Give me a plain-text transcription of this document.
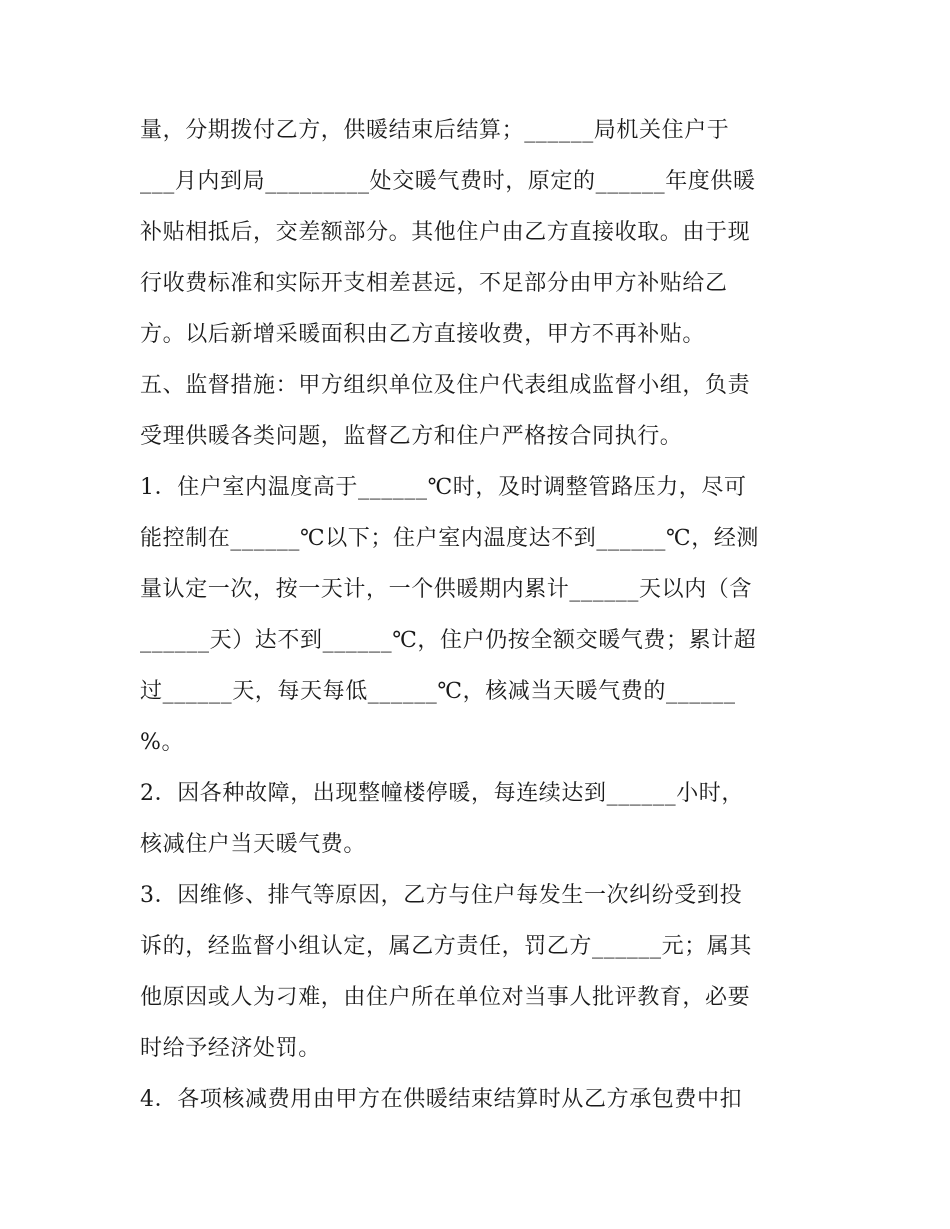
量，分期拨付乙方，供暖结束后结算；______局机关住户于
___月内到局_________处交暖气费时，原定的______年度供暖
补贴相抵后，交差额部分。其他住户由乙方直接收取。由于现
行收费标准和实际开支相差甚远，不足部分由甲方补贴给乙
方。以后新增采暖面积由乙方直接收费，甲方不再补贴。
五、监督措施：甲方组织单位及住户代表组成监督小组，负责
受理供暖各类问题，监督乙方和住户严格按合同执行。
1．住户室内温度高于______℃时，及时调整管路压力，尽可
能控制在______℃以下；住户室内温度达不到______℃，经测
量认定一次，按一天计，一个供暖期内累计______天以内（含
______天）达不到______℃，住户仍按全额交暖气费；累计超
过______天，每天每低______℃，核减当天暖气费的______
%。
2．因各种故障，出现整幢楼停暖，每连续达到______小时，
核减住户当天暖气费。
3．因维修、排气等原因，乙方与住户每发生一次纠纷受到投
诉的，经监督小组认定，属乙方责任，罚乙方______元；属其
他原因或人为刁难，由住户所在单位对当事人批评教育，必要
时给予经济处罚。
4．各项核减费用由甲方在供暖结束结算时从乙方承包费中扣
